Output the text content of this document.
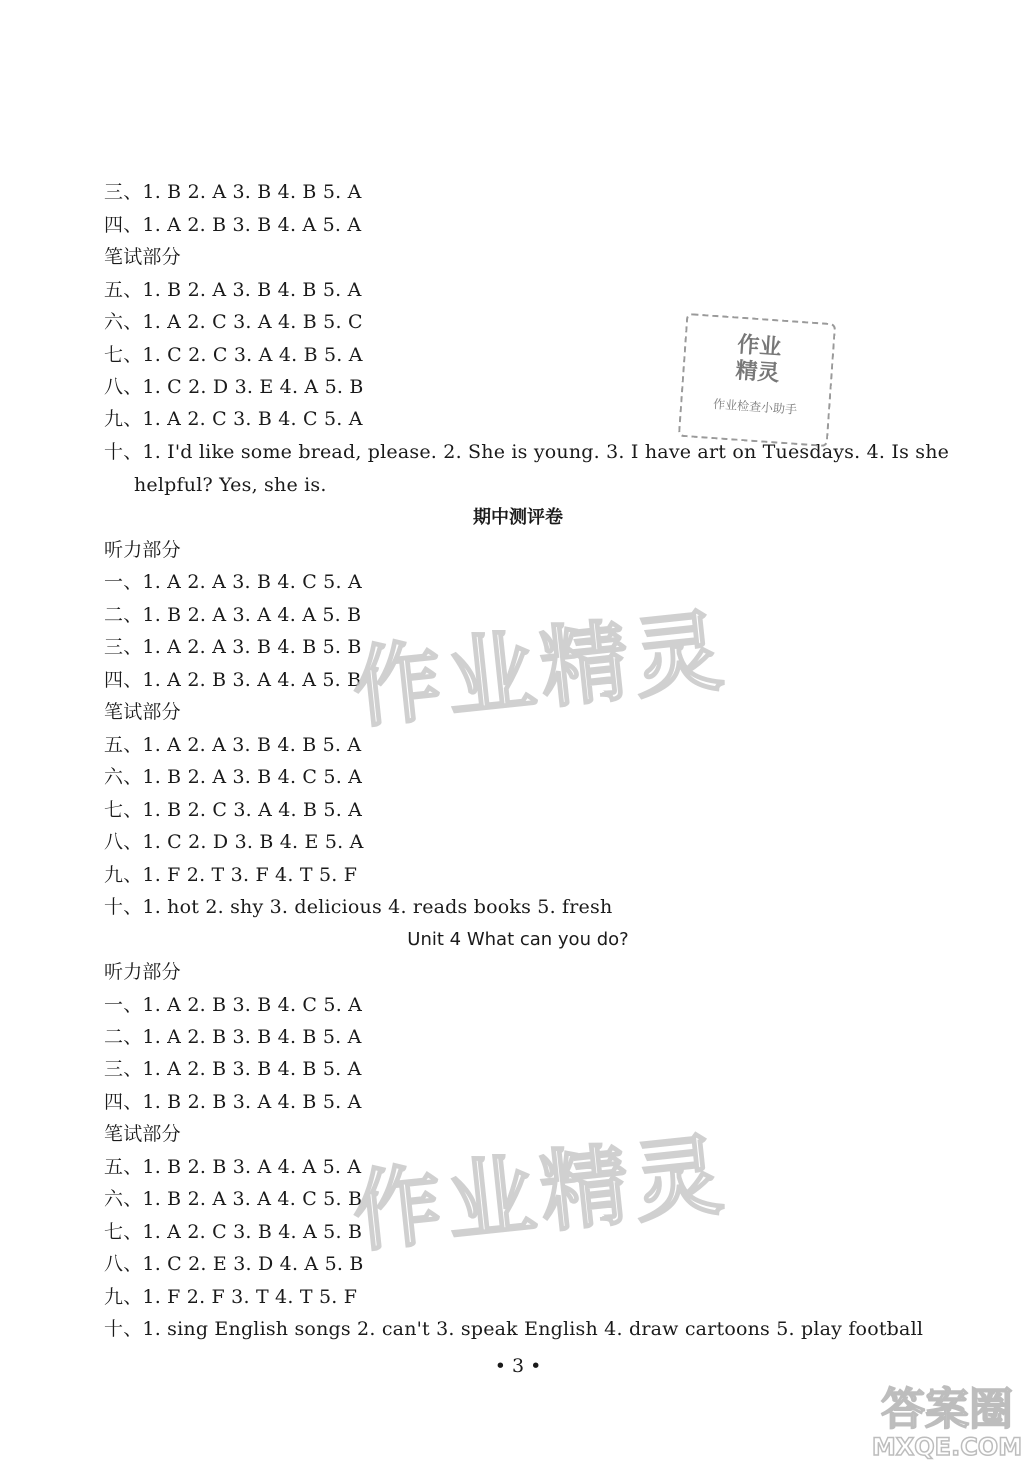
三、1. B 2. A 3. B 4. B 5. A
四、1. A 2. B 3. B 4. A 5. A
笔试部分
五、1. B 2. A 3. B 4. B 5. A
六、1. A 2. C 3. A 4. B 5. C
七、1. C 2. C 3. A 4. B 5. A
八、1. C 2. D 3. E 4. A 5. B
九、1. A 2. C 3. B 4. C 5. A
十、1. I'd like some bread, please. 2. She is young. 3. I have art on Tuesdays. 4. Is she
helpful? Yes, she is.
期中测评卷
听力部分
一、1. A 2. A 3. B 4. C 5. A
二、1. B 2. A 3. A 4. A 5. B
三、1. A 2. A 3. B 4. B 5. B
四、1. A 2. B 3. A 4. A 5. B
笔试部分
五、1. A 2. A 3. B 4. B 5. A
六、1. B 2. A 3. B 4. C 5. A
七、1. B 2. C 3. A 4. B 5. A
八、1. C 2. D 3. B 4. E 5. A
九、1. F 2. T 3. F 4. T 5. F
十、1. hot 2. shy 3. delicious 4. reads books 5. fresh
Unit 4 What can you do?
听力部分
一、1. A 2. B 3. B 4. C 5. A
二、1. A 2. B 3. B 4. B 5. A
三、1. A 2. B 3. B 4. B 5. A
四、1. B 2. B 3. A 4. B 5. A
笔试部分
五、1. B 2. B 3. A 4. A 5. A
六、1. B 2. A 3. A 4. C 5. B
七、1. A 2. C 3. B 4. A 5. B
八、1. C 2. E 3. D 4. A 5. B
九、1. F 2. F 3. T 4. T 5. F
十、1. sing English songs 2. can't 3. speak English 4. draw cartoons 5. play football
• 3 •
作业
精灵
作业检查小助手
作业精灵
作业精灵
答案圈
MXQE.COM
